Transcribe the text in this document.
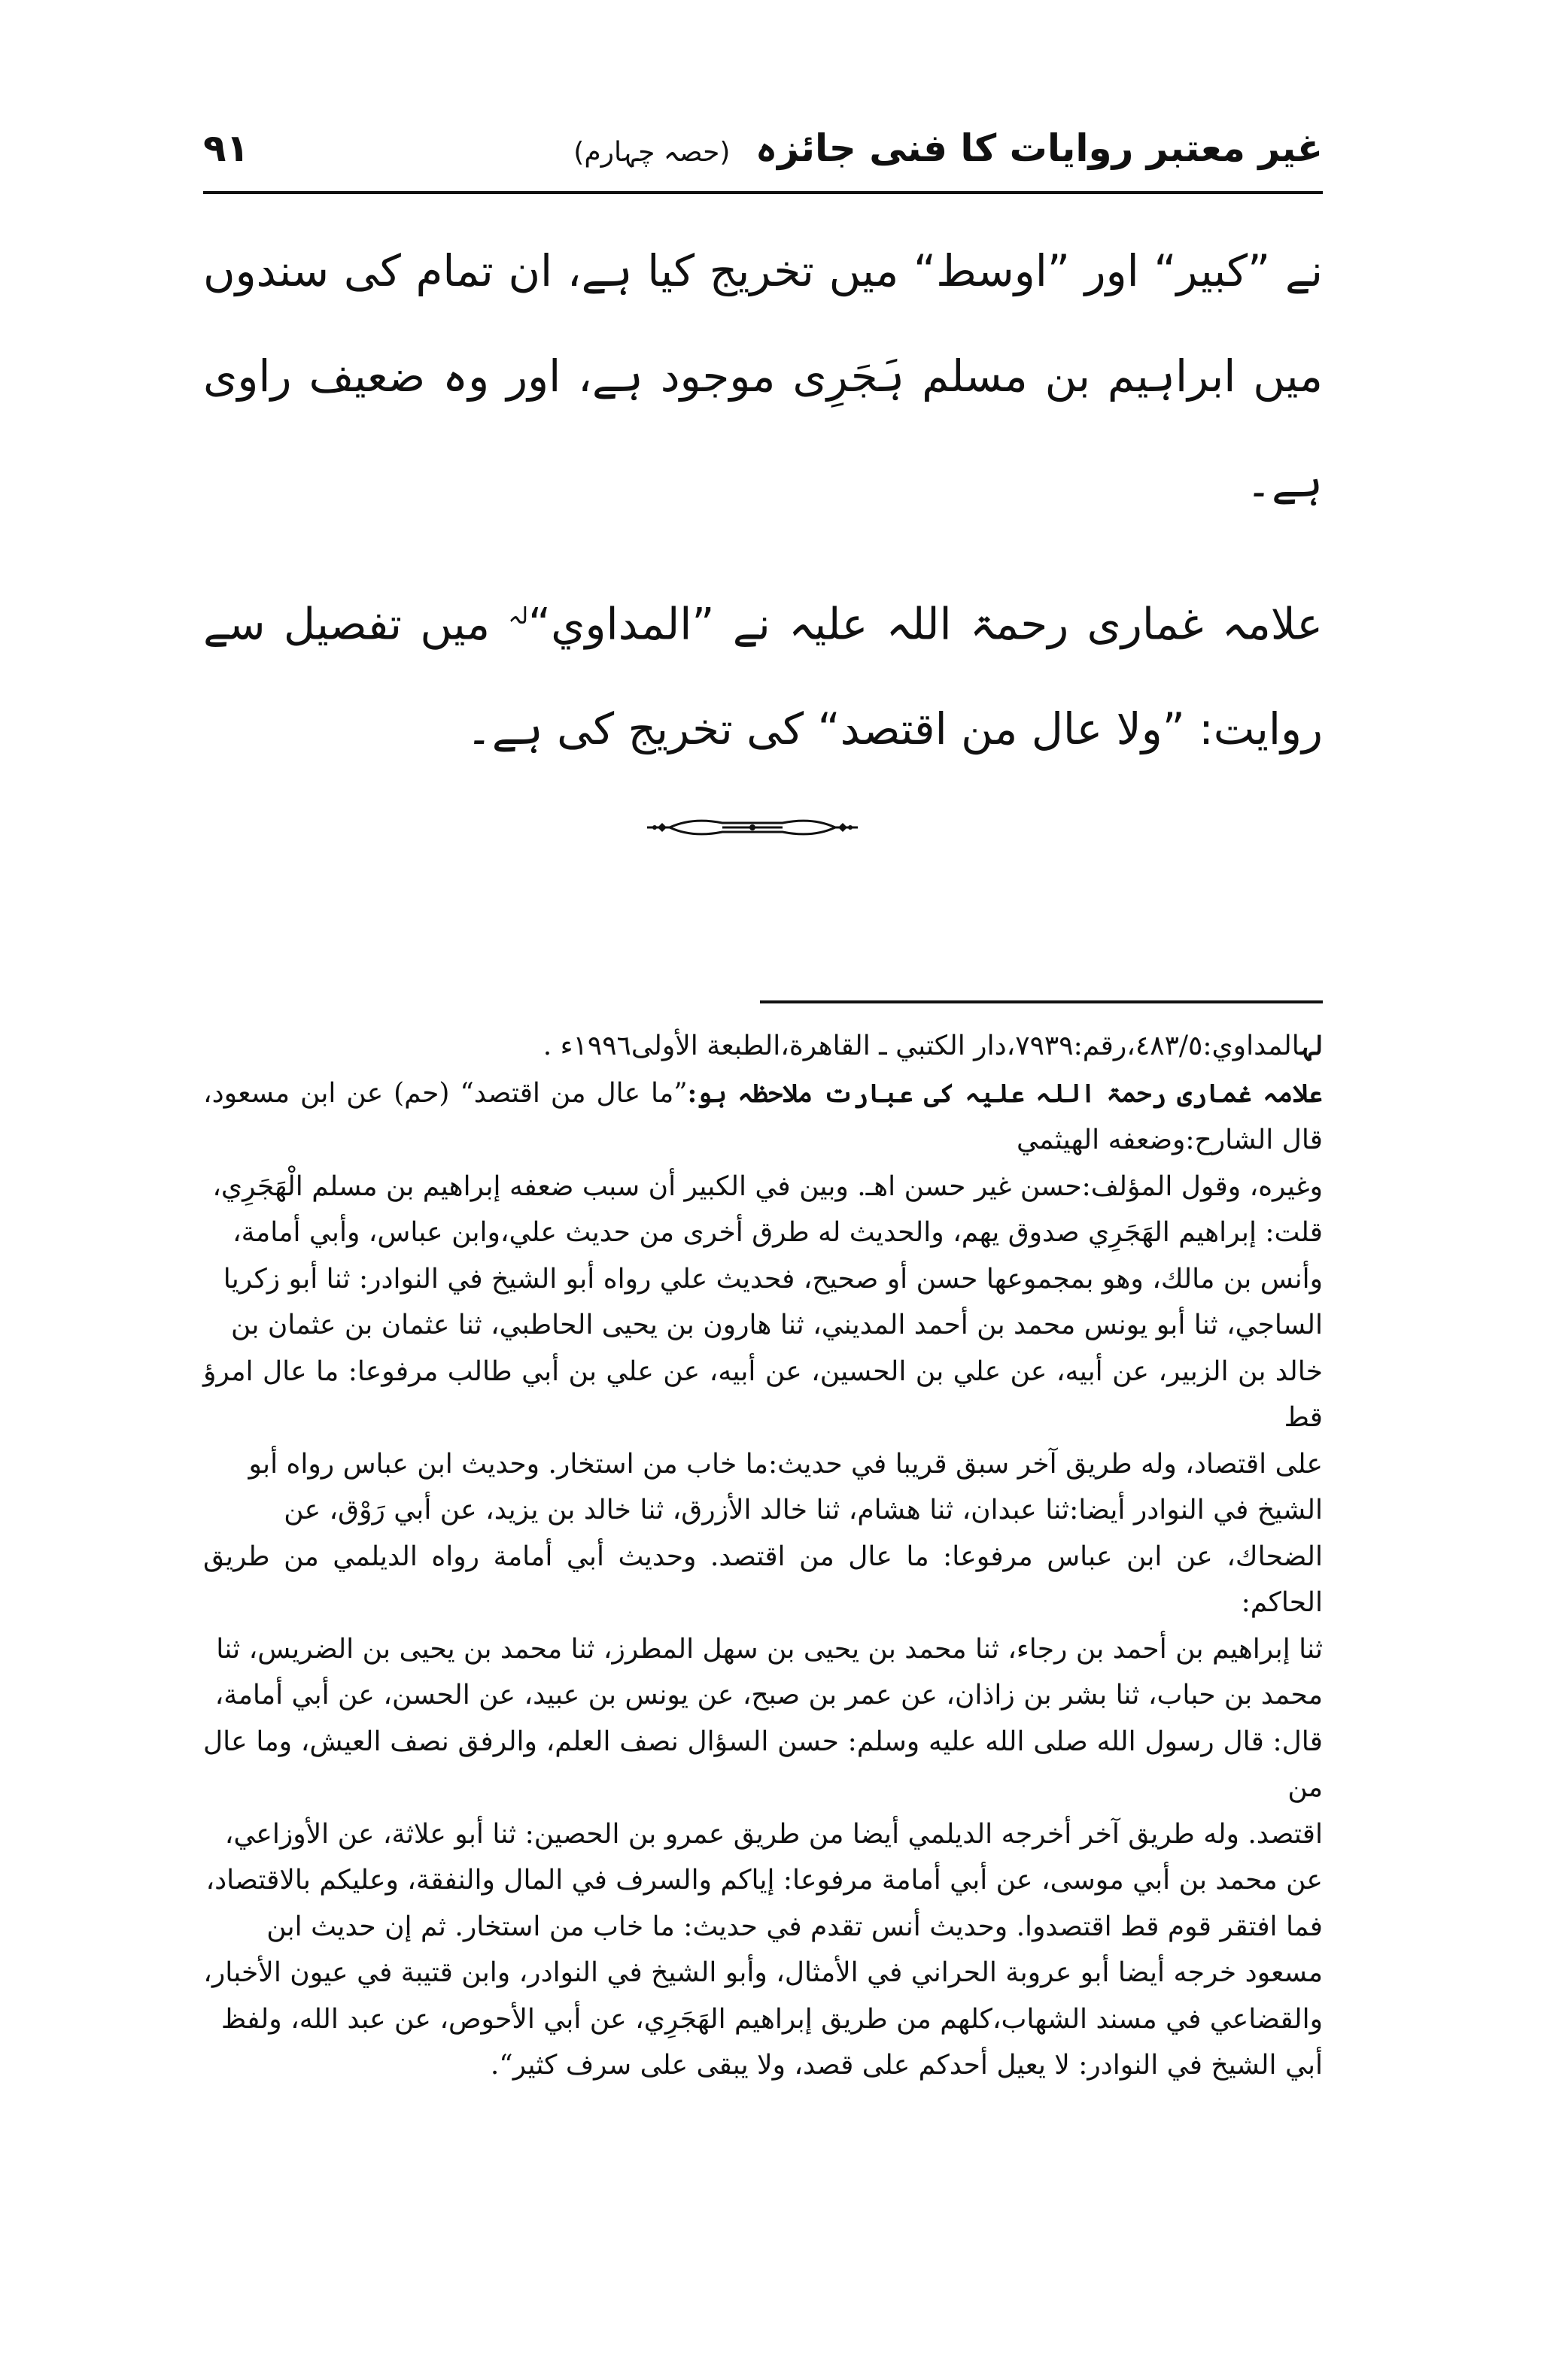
غیر معتبر روایات کا فنی جائزہ (حصہ چہارم)
۹۱

نے ”کبیر“ اور ”اوسط“ میں تخریج کیا ہے، ان تمام کی سندوں میں ابراہیم بن مسلم ہَجَرِی موجود ہے، اور وہ ضعیف راوی ہے۔

علامہ غماری رحمۃ اللہ علیہ نے ”المداوي“$^{لہ}$ میں تفصیل سے روایت: ”ولا عال من اقتصد“ کی تخریج کی ہے۔

لہالمداوي:٤٨٣/٥،رقم:٧٩٣٩،دار الكتبي ـ القاهرة،الطبعة الأولى١٩٩٦ء .

علامہ غماری رحمۃ اللہ علیہ کی عبارت ملاحظہ ہو:”ما عال من اقتصد“ (حم) عن ابن مسعود، قال الشارح:وضعفه الهيثمي

وغيره، وقول المؤلف:حسن غير حسن اهـ. وبين في الكبير أن سبب ضعفه إبراهيم بن مسلم الْهَجَرِي،

قلت: إبراهيم الهَجَرِي صدوق يهم، والحديث له طرق أخرى من حديث علي،وابن عباس، وأبي أمامة،

وأنس بن مالك، وهو بمجموعها حسن أو صحيح، فحديث علي رواه أبو الشيخ في النوادر: ثنا أبو زكريا

الساجي، ثنا أبو يونس محمد بن أحمد المديني، ثنا هارون بن يحيى الحاطبي، ثنا عثمان بن عثمان بن

خالد بن الزبير، عن أبيه، عن علي بن الحسين، عن أبيه، عن علي بن أبي طالب مرفوعا: ما عال امرؤ قط

على اقتصاد، وله طريق آخر سبق قريبا في حديث:ما خاب من استخار. وحديث ابن عباس رواه أبو

الشيخ في النوادر أيضا:ثنا عبدان، ثنا هشام، ثنا خالد الأزرق، ثنا خالد بن يزيد، عن أبي رَوْق، عن

الضحاك، عن ابن عباس مرفوعا: ما عال من اقتصد. وحديث أبي أمامة رواه الديلمي من طريق الحاكم:

ثنا إبراهيم بن أحمد بن رجاء، ثنا محمد بن يحيى بن سهل المطرز، ثنا محمد بن يحيى بن الضريس، ثنا

محمد بن حباب، ثنا بشر بن زاذان، عن عمر بن صبح، عن يونس بن عبيد، عن الحسن، عن أبي أمامة،

قال: قال رسول الله صلى الله عليه وسلم: حسن السؤال نصف العلم، والرفق نصف العيش، وما عال من

اقتصد. وله طريق آخر أخرجه الديلمي أيضا من طريق عمرو بن الحصين: ثنا أبو علاثة، عن الأوزاعي،

عن محمد بن أبي موسى، عن أبي أمامة مرفوعا: إياكم والسرف في المال والنفقة، وعليكم بالاقتصاد،

فما افتقر قوم قط اقتصدوا. وحديث أنس تقدم في حديث: ما خاب من استخار. ثم إن حديث ابن

مسعود خرجه أيضا أبو عروبة الحراني في الأمثال، وأبو الشيخ في النوادر، وابن قتيبة في عيون الأخبار،

والقضاعي في مسند الشهاب،كلهم من طريق إبراهيم الهَجَرِي، عن أبي الأحوص، عن عبد الله، ولفظ

أبي الشيخ في النوادر: لا يعيل أحدكم على قصد، ولا يبقى على سرف كثير“.
